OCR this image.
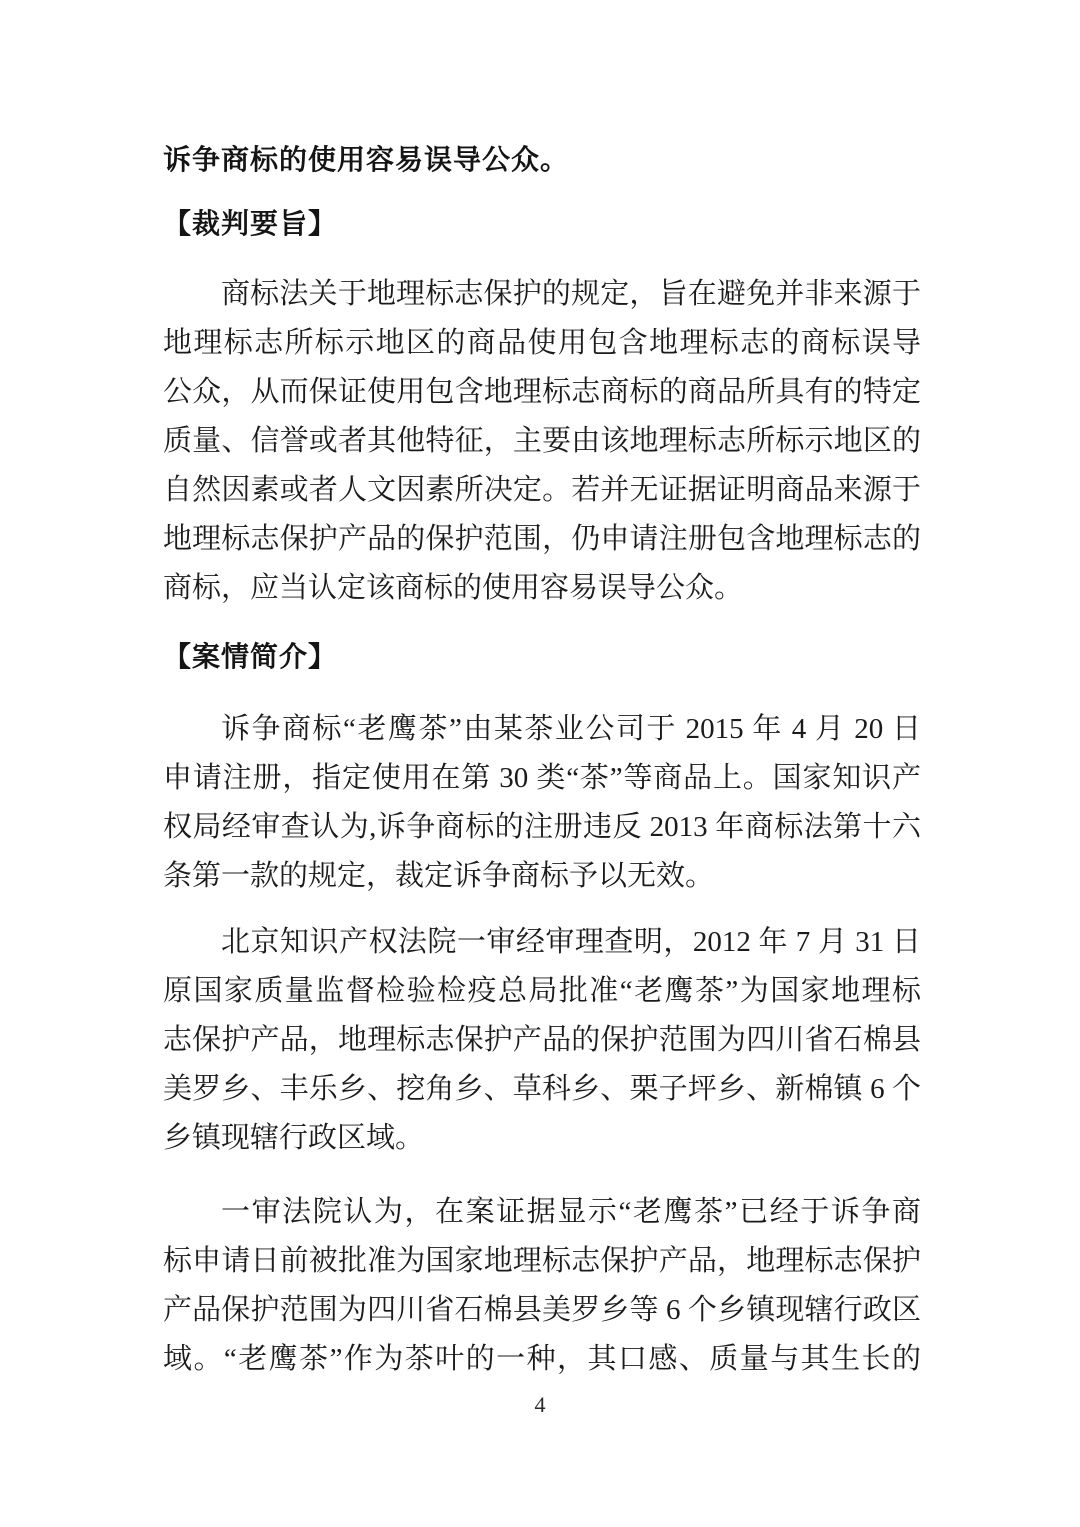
诉争商标的使用容易误导公众。

【裁判要旨】
商标法关于地理标志保护的规定，旨在避免并非来源于
地理标志所标示地区的商品使用包含地理标志的商标误导
公众，从而保证使用包含地理标志商标的商品所具有的特定
质量、信誉或者其他特征，主要由该地理标志所标示地区的
自然因素或者人文因素所决定。若并无证据证明商品来源于
地理标志保护产品的保护范围，仍申请注册包含地理标志的
商标，应当认定该商标的使用容易误导公众。
【案情简介】
诉争商标“老鹰茶”由某茶业公司于 2015 年 4 月 20 日
申请注册，指定使用在第 30 类“茶”等商品上。国家知识产
权局经审查认为,诉争商标的注册违反 2013 年商标法第十六
条第一款的规定，裁定诉争商标予以无效。
北京知识产权法院一审经审理查明，2012 年 7 月 31 日
原国家质量监督检验检疫总局批准“老鹰茶”为国家地理标
志保护产品，地理标志保护产品的保护范围为四川省石棉县
美罗乡、丰乐乡、挖角乡、草科乡、栗子坪乡、新棉镇 6 个
乡镇现辖行政区域。
一审法院认为，在案证据显示“老鹰茶”已经于诉争商
标申请日前被批准为国家地理标志保护产品，地理标志保护
产品保护范围为四川省石棉县美罗乡等 6 个乡镇现辖行政区
域。“老鹰茶”作为茶叶的一种，其口感、质量与其生长的
4
